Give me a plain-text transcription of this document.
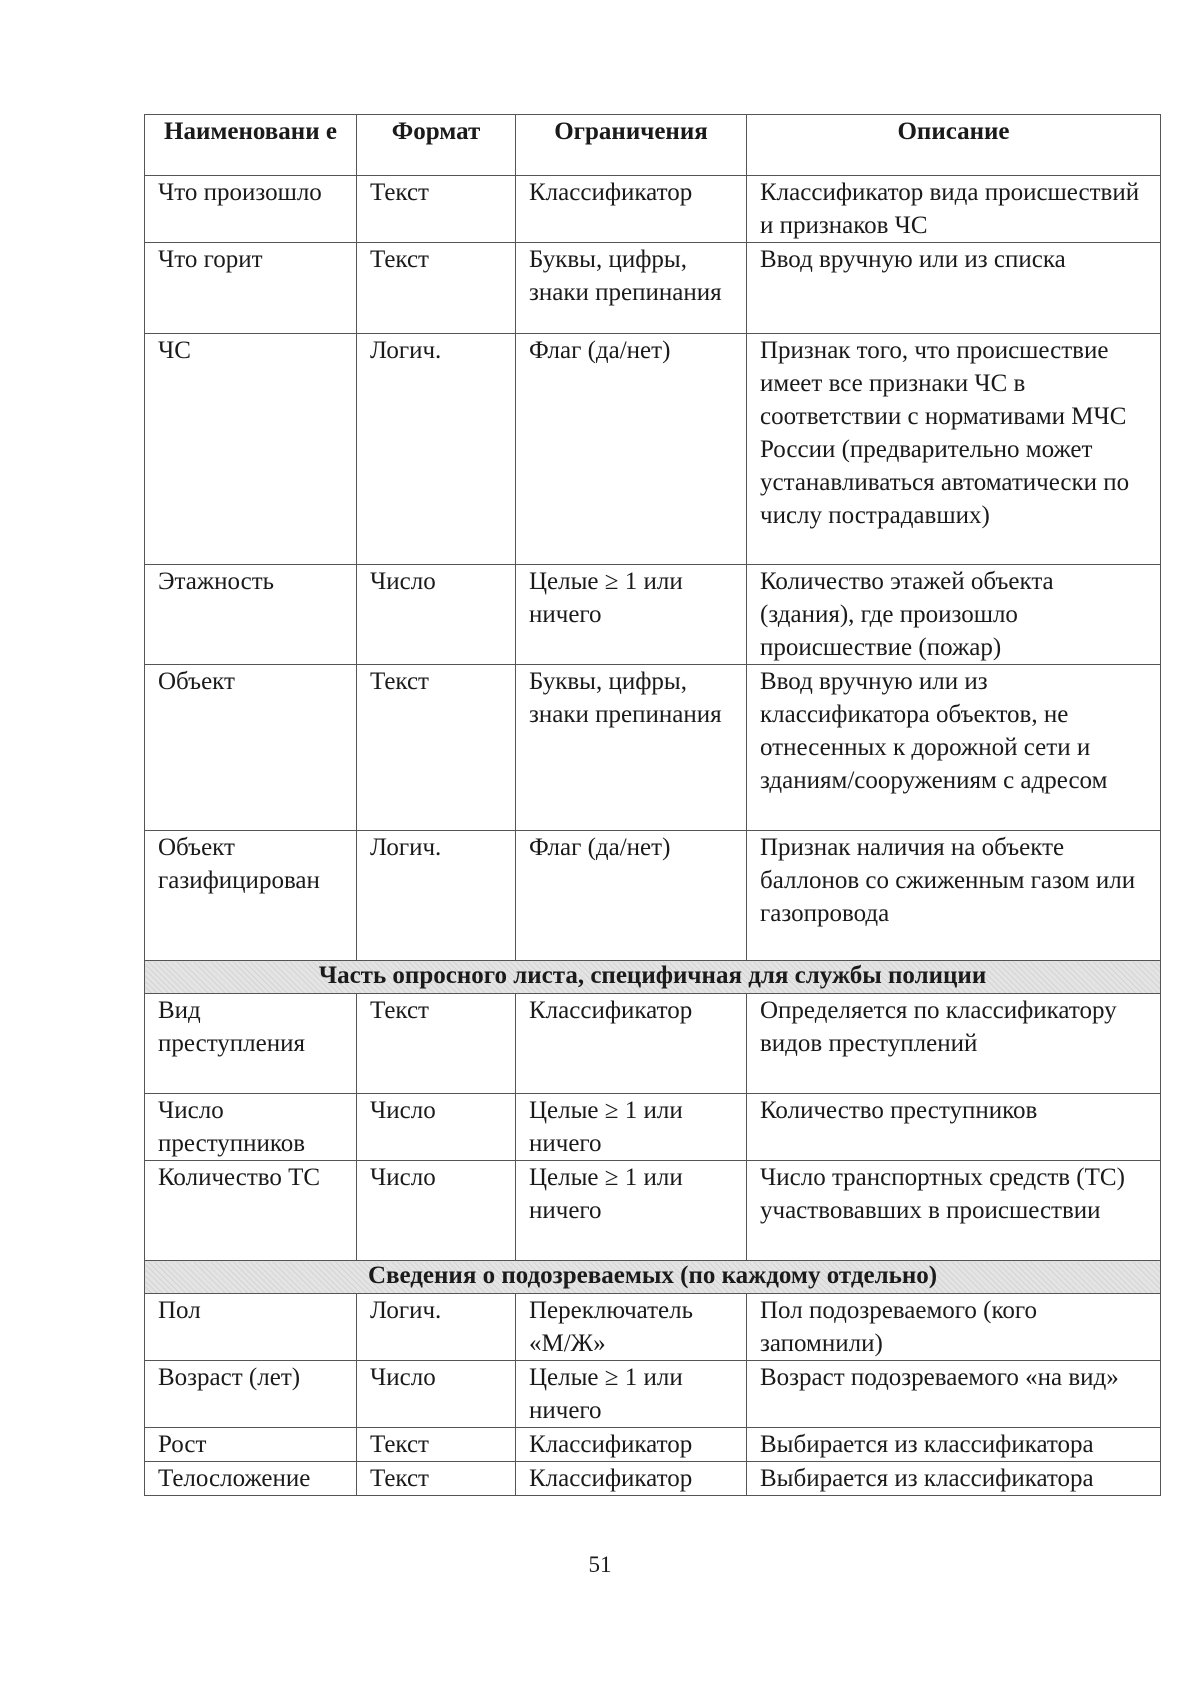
Наименовани е	Формат	Ограничения	Описание
Что произошло	Текст	Классификатор	Классификатор вида происшествий и признаков ЧС
Что горит	Текст	Буквы, цифры, знаки препинания	Ввод вручную или из списка
ЧС	Логич.	Флаг (да/нет)	Признак того, что происшествие имеет все признаки ЧС в соответствии с нормативами МЧС России (предварительно может устанавливаться автоматически по числу пострадавших)
Этажность	Число	Целые ≥ 1 или ничего	Количество этажей объекта (здания), где произошло происшествие (пожар)
Объект	Текст	Буквы, цифры, знаки препинания	Ввод вручную или из классификатора объектов, не отнесенных к дорожной сети и зданиям/сооружениям с адресом
Объект газифицирован	Логич.	Флаг (да/нет)	Признак наличия на объекте баллонов со сжиженным газом или газопровода
Часть опросного листа, специфичная для службы полиции			
Вид преступления	Текст	Классификатор	Определяется по классификатору видов преступлений
Число преступников	Число	Целые ≥ 1 или ничего	Количество преступников
Количество ТС	Число	Целые ≥ 1 или ничего	Число транспортных средств (ТС) участвовавших в происшествии
Сведения о подозреваемых (по каждому отдельно)			
Пол	Логич.	Переключатель «М/Ж»	Пол подозреваемого (кого запомнили)
Возраст (лет)	Число	Целые ≥ 1 или ничего	Возраст подозреваемого «на вид»
Рост	Текст	Классификатор	Выбирается из классификатора
Телосложение	Текст	Классификатор	Выбирается из классификатора
51
